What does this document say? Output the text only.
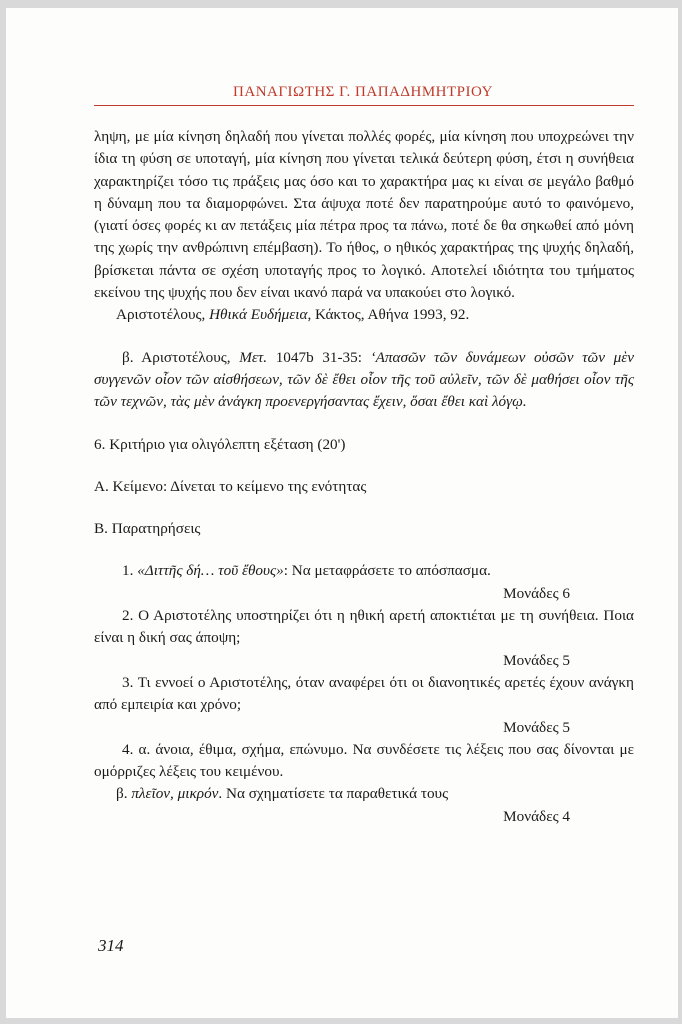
ΠΑΝΑΓΙΩΤΗΣ Γ. ΠΑΠΑΔΗΜΗΤΡΙΟΥ

ληψη, με μία κίνηση δηλαδή που γίνεται πολλές φορές, μία κίνηση που υποχρεώνει την ίδια τη φύση σε υποταγή, μία κίνηση που γίνεται τελικά δεύτερη φύση, έτσι η συνήθεια χαρακτηρίζει τόσο τις πράξεις μας όσο και το χαρακτήρα μας κι είναι σε μεγάλο βαθμό η δύναμη που τα διαμορφώνει. Στα άψυχα ποτέ δεν παρατηρούμε αυτό το φαινόμενο, (γιατί όσες φορές κι αν πετάξεις μία πέτρα προς τα πάνω, ποτέ δε θα σηκωθεί από μόνη της χωρίς την ανθρώπινη επέμβαση). Το ήθος, ο ηθικός χαρακτήρας της ψυχής δηλαδή, βρίσκεται πάντα σε σχέση υποταγής προς το λογικό. Αποτελεί ιδιότητα του τμήματος εκείνου της ψυχής που δεν είναι ικανό παρά να υπακούει στο λογικό.

Αριστοτέλους, Ηθικά Ευδήμεια, Κάκτος, Αθήνα 1993, 92.

β. Αριστοτέλους, Μετ. 1047b 31-35: ‘Απασῶν τῶν δυνάμεων οὐσῶν τῶν μὲν συγγενῶν οἷον τῶν αἰσθήσεων, τῶν δὲ ἔθει οἷον τῆς τοῦ αὐλεῖν, τῶν δὲ μαθήσει οἷον τῆς τῶν τεχνῶν, τὰς μὲν ἀνάγκη προενεργήσαντας ἔχειν, ὅσαι ἔθει καὶ λόγῳ.

6. Κριτήριο για ολιγόλεπτη εξέταση (20')

Α. Κείμενο: Δίνεται το κείμενο της ενότητας

Β. Παρατηρήσεις

1. «Διττῆς δή… τοῦ ἔθους»: Να μεταφράσετε το απόσπασμα.

Μονάδες 6

2. Ο Αριστοτέλης υποστηρίζει ότι η ηθική αρετή αποκτιέται με τη συνήθεια. Ποια είναι η δική σας άποψη;

Μονάδες 5

3. Τι εννοεί ο Αριστοτέλης, όταν αναφέρει ότι οι διανοητικές αρετές έχουν ανάγκη από εμπειρία και χρόνο;

Μονάδες 5

4. α. άνοια, έθιμα, σχήμα, επώνυμο. Να συνδέσετε τις λέξεις που σας δίνονται με ομόρριζες λέξεις του κειμένου.

β. πλεῖον, μικρόν. Να σχηματίσετε τα παραθετικά τους

Μονάδες 4

314
